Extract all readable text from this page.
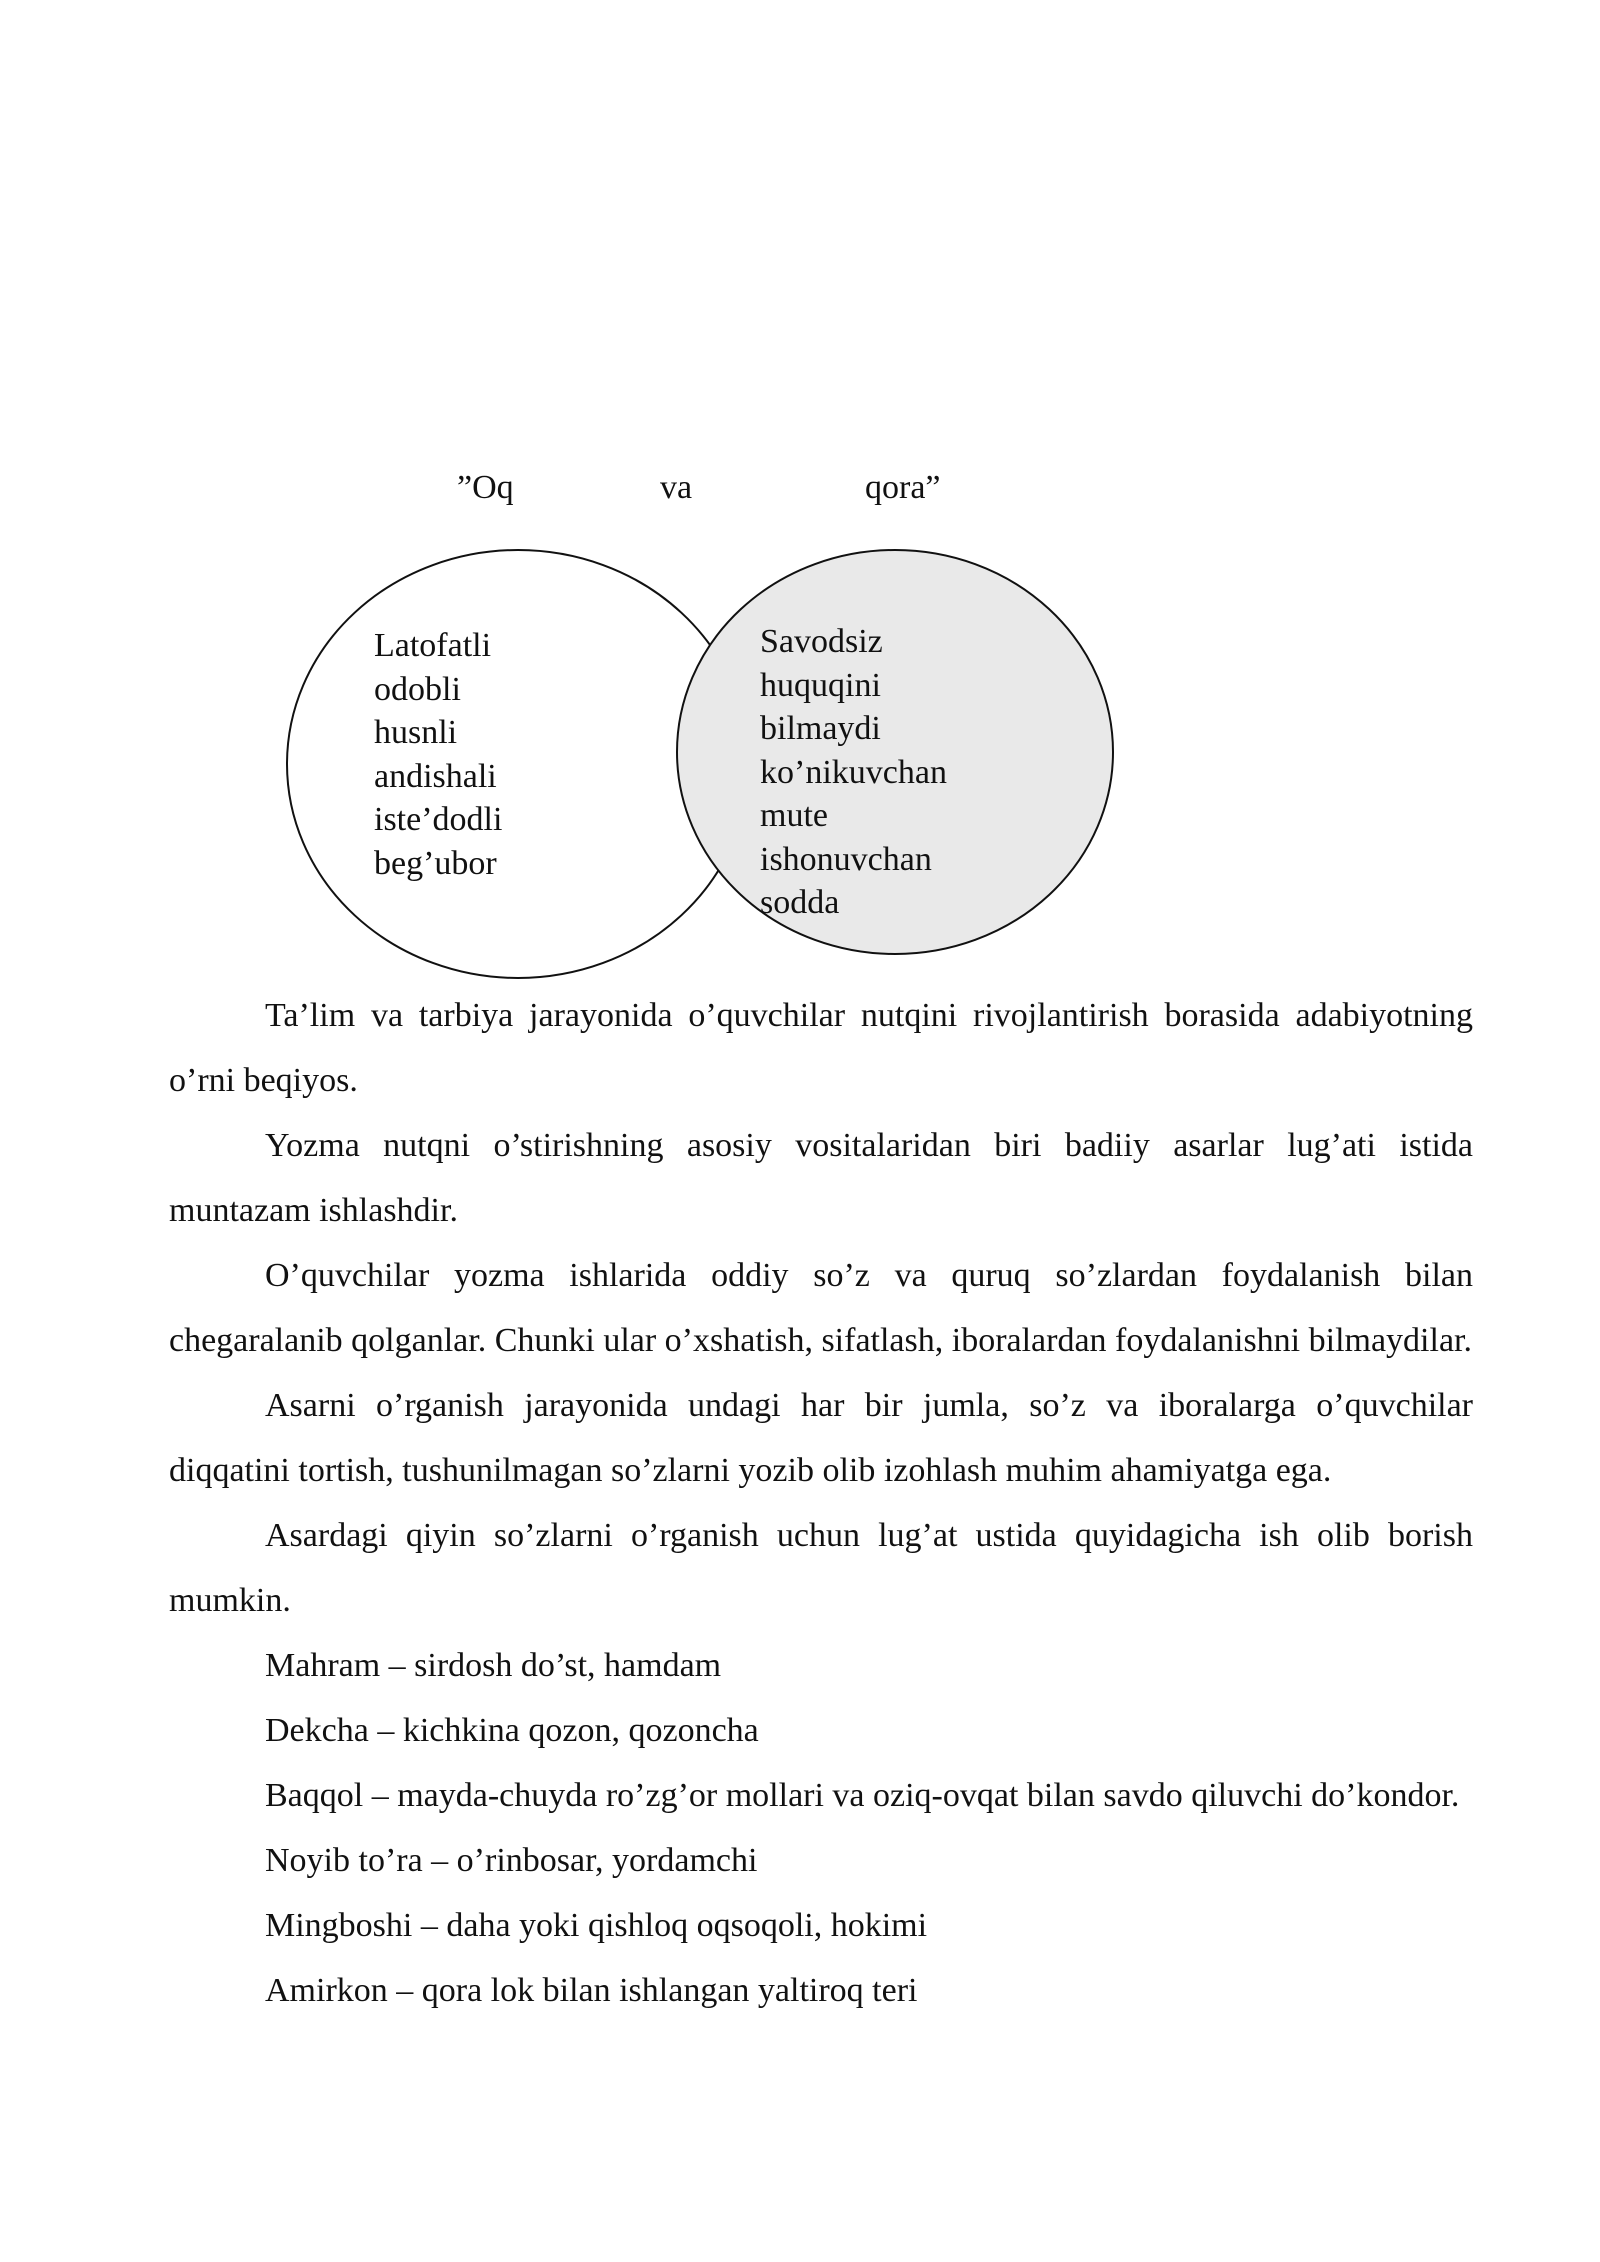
”Oq	va	qora”
Latofatli
odobli
husnli
andishali
iste’dodli
beg’ubor
Savodsiz
huquqini
bilmaydi
ko’nikuvchan
mute
ishonuvchan
sodda

Ta’lim va tarbiya jarayonida o’quvchilar nutqini rivojlantirish borasida adabiyotning o’rni beqiyos.

Yozma nutqni o’stirishning asosiy vositalaridan biri badiiy asarlar lug’ati istida muntazam ishlashdir.

O’quvchilar yozma ishlarida oddiy so’z va quruq so’zlardan foydalanish bilan chegaralanib qolganlar. Chunki ular o’xshatish, sifatlash, iboralardan foydalanishni bilmaydilar.

Asarni o’rganish jarayonida undagi har bir jumla, so’z va iboralarga o’quvchilar diqqatini tortish, tushunilmagan so’zlarni yozib olib izohlash muhim ahamiyatga ega.

Asardagi qiyin so’zlarni o’rganish uchun lug’at ustida quyidagicha ish olib borish mumkin.

Mahram – sirdosh do’st, hamdam

Dekcha – kichkina qozon, qozoncha

Baqqol – mayda-chuyda ro’zg’or mollari va oziq-ovqat bilan savdo qiluvchi do’kondor.

Noyib to’ra – o’rinbosar, yordamchi

Mingboshi – daha yoki qishloq oqsoqoli, hokimi

Amirkon – qora lok bilan ishlangan yaltiroq teri
